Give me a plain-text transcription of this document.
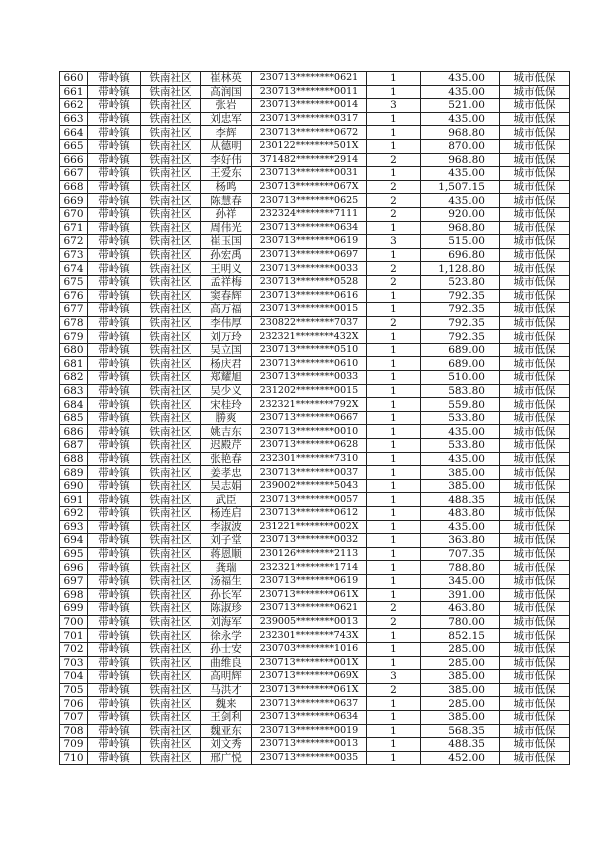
660	带岭镇	铁南社区	崔林英	230713********0621	1	435.00	城市低保
661	带岭镇	铁南社区	高润国	230713********0011	1	435.00	城市低保
662	带岭镇	铁南社区	张岩	230713********0014	3	521.00	城市低保
663	带岭镇	铁南社区	刘忠军	230713********0317	1	435.00	城市低保
664	带岭镇	铁南社区	李辉	230713********0672	1	968.80	城市低保
665	带岭镇	铁南社区	从德明	230122********501X	1	870.00	城市低保
666	带岭镇	铁南社区	李好伟	371482********2914	2	968.80	城市低保
667	带岭镇	铁南社区	王爱东	230713********0031	1	435.00	城市低保
668	带岭镇	铁南社区	杨鸣	230713********067X	2	1,507.15	城市低保
669	带岭镇	铁南社区	陈慧春	230713********0625	2	435.00	城市低保
670	带岭镇	铁南社区	孙祥	232324********7111	2	920.00	城市低保
671	带岭镇	铁南社区	周伟光	230713********0634	1	968.80	城市低保
672	带岭镇	铁南社区	崔玉国	230713********0619	3	515.00	城市低保
673	带岭镇	铁南社区	孙宏禹	230713********0697	1	696.80	城市低保
674	带岭镇	铁南社区	王明义	230713********0033	2	1,128.80	城市低保
675	带岭镇	铁南社区	孟祥梅	230713********0528	2	523.80	城市低保
676	带岭镇	铁南社区	窦春辉	230713********0616	1	792.35	城市低保
677	带岭镇	铁南社区	高万福	230713********0015	1	792.35	城市低保
678	带岭镇	铁南社区	李伟厚	230822********7037	2	792.35	城市低保
679	带岭镇	铁南社区	刘万玲	232321********432X	1	792.35	城市低保
680	带岭镇	铁南社区	吴立国	230713********0510	1	689.00	城市低保
681	带岭镇	铁南社区	杨庆君	230713********0610	1	689.00	城市低保
682	带岭镇	铁南社区	郑耀旭	230713********0033	1	510.00	城市低保
683	带岭镇	铁南社区	吴少义	231202********0015	1	583.80	城市低保
684	带岭镇	铁南社区	宋桂玲	232321********792X	1	559.80	城市低保
685	带岭镇	铁南社区	勝爽	230713********0667	1	533.80	城市低保
686	带岭镇	铁南社区	姚吉东	230713********0010	1	435.00	城市低保
687	带岭镇	铁南社区	迟殿芹	230713********0628	1	533.80	城市低保
688	带岭镇	铁南社区	张艳春	232301********7310	1	435.00	城市低保
689	带岭镇	铁南社区	姜孝忠	230713********0037	1	385.00	城市低保
690	带岭镇	铁南社区	吴志娟	239002********5043	1	385.00	城市低保
691	带岭镇	铁南社区	武臣	230713********0057	1	488.35	城市低保
692	带岭镇	铁南社区	杨连启	230713********0612	1	483.80	城市低保
693	带岭镇	铁南社区	李淑波	231221********002X	1	435.00	城市低保
694	带岭镇	铁南社区	刘子堂	230713********0032	1	363.80	城市低保
695	带岭镇	铁南社区	蒋恩顺	230126********2113	1	707.35	城市低保
696	带岭镇	铁南社区	龚瑞	232321********1714	1	788.80	城市低保
697	带岭镇	铁南社区	汤福生	230713********0619	1	345.00	城市低保
698	带岭镇	铁南社区	孙长军	230713********061X	1	391.00	城市低保
699	带岭镇	铁南社区	陈淑珍	230713********0621	2	463.80	城市低保
700	带岭镇	铁南社区	刘海军	239005********0013	2	780.00	城市低保
701	带岭镇	铁南社区	徐永学	232301********743X	1	852.15	城市低保
702	带岭镇	铁南社区	孙士安	230703********1016	1	285.00	城市低保
703	带岭镇	铁南社区	曲维良	230713********001X	1	285.00	城市低保
704	带岭镇	铁南社区	高明辉	230713********069X	3	385.00	城市低保
705	带岭镇	铁南社区	马洪才	230713********061X	2	385.00	城市低保
706	带岭镇	铁南社区	魏来	230713********0637	1	285.00	城市低保
707	带岭镇	铁南社区	王剑利	230713********0634	1	385.00	城市低保
708	带岭镇	铁南社区	魏亚东	230713********0019	1	568.35	城市低保
709	带岭镇	铁南社区	刘文秀	230713********0013	1	488.35	城市低保
710	带岭镇	铁南社区	邢广悦	230713********0035	1	452.00	城市低保
